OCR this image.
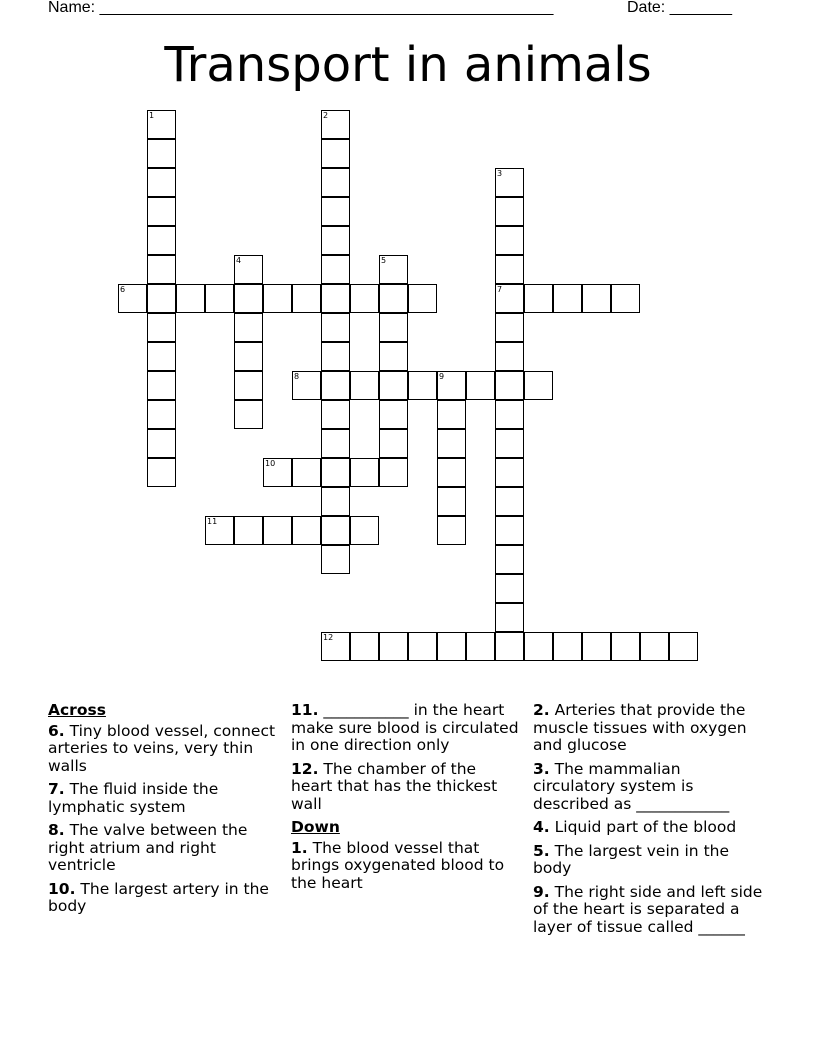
Name: ___________________________________________________	Date: _______
Transport in animals
1	2
3
7
4	5
6
8	9
10
11
12
Across
6. Tiny blood vessel, connect arteries to veins, very thin walls
7. The fluid inside the lymphatic system
8. The valve between the right atrium and right ventricle
10. The largest artery in the body
11. ___________ in the heart make sure blood is circulated in one direction only
12. The chamber of the heart that has the thickest wall
Down
1. The blood vessel that brings oxygenated blood to the heart
2. Arteries that provide the muscle tissues with oxygen and glucose
3. The mammalian circulatory system is described as ____________
4. Liquid part of the blood
5. The largest vein in the body
9. The right side and left side of the heart is separated a layer of tissue called ______
